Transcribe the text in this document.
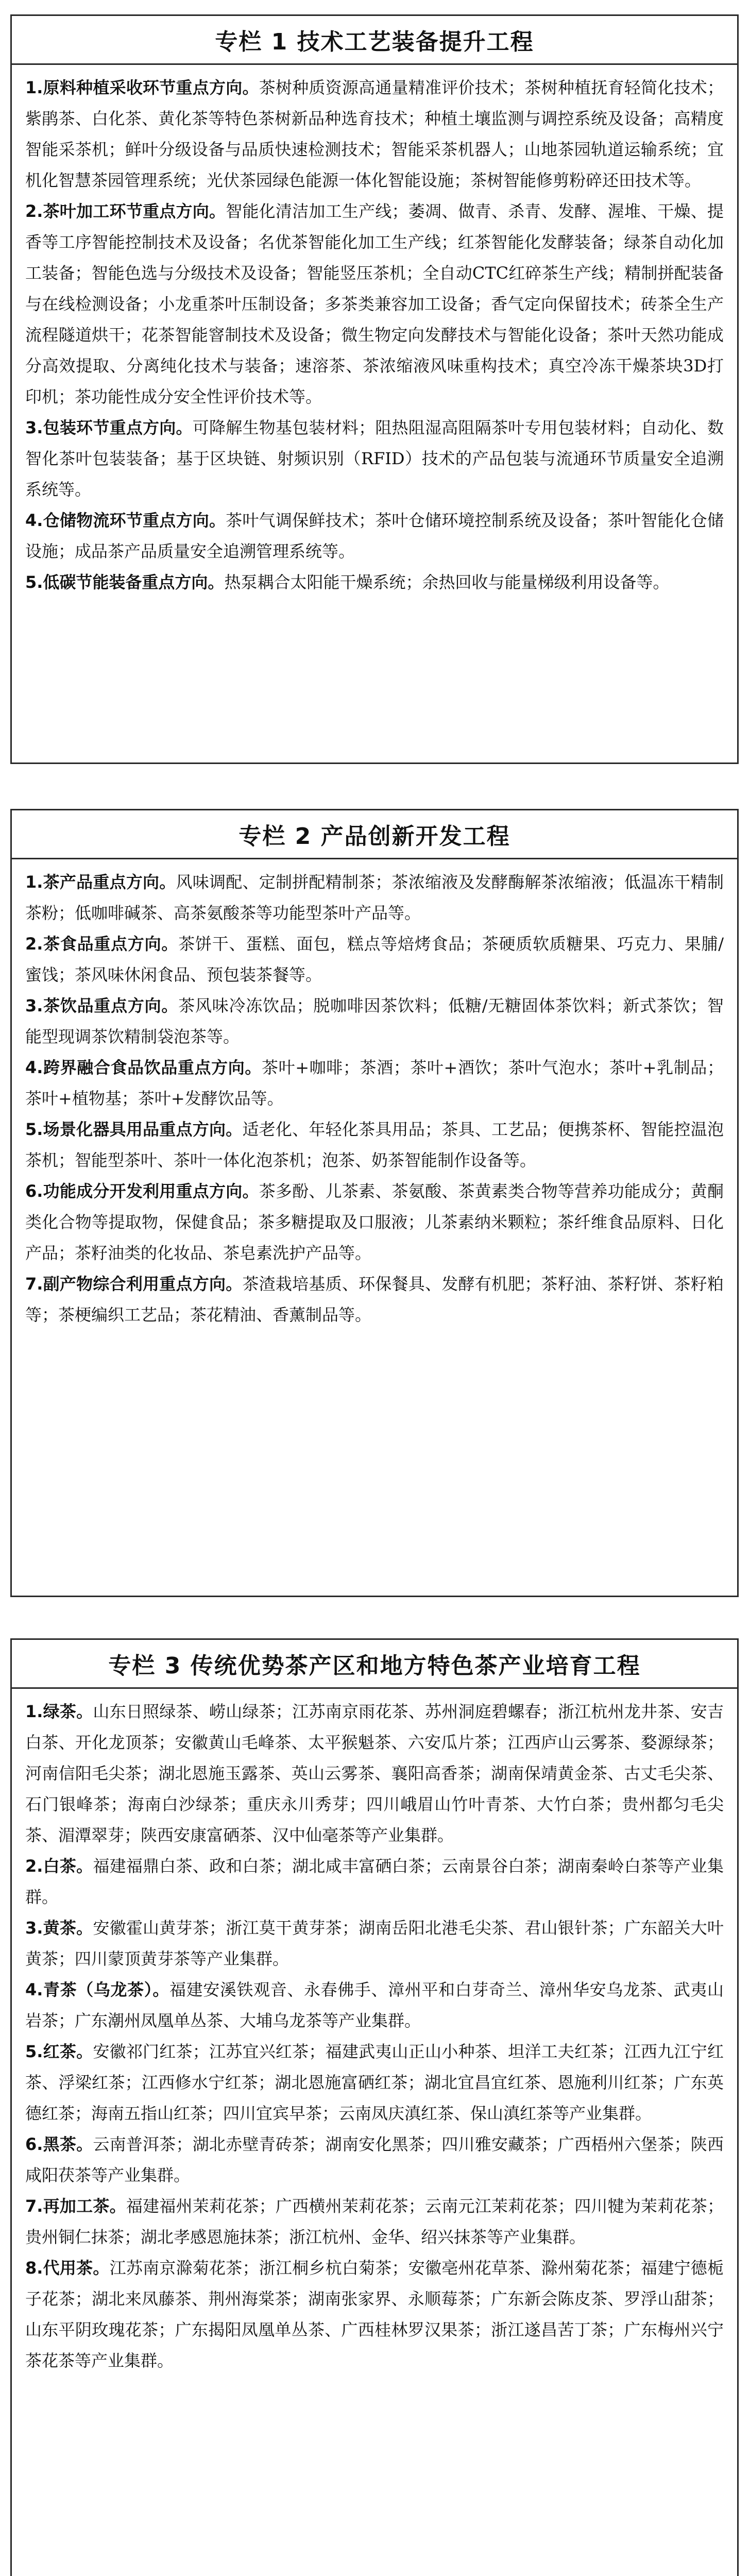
专栏 1 技术工艺装备提升工程

1.原料种植采收环节重点方向。茶树种质资源高通量精准评价技术；茶树种植抚育轻简化技术；紫鹃茶、白化茶、黄化茶等特色茶树新品种选育技术；种植土壤监测与调控系统及设备；高精度智能采茶机；鲜叶分级设备与品质快速检测技术；智能采茶机器人；山地茶园轨道运输系统；宜机化智慧茶园管理系统；光伏茶园绿色能源一体化智能设施；茶树智能修剪粉碎还田技术等。

2.茶叶加工环节重点方向。智能化清洁加工生产线；萎凋、做青、杀青、发酵、渥堆、干燥、提香等工序智能控制技术及设备；名优茶智能化加工生产线；红茶智能化发酵装备；绿茶自动化加工装备；智能色选与分级技术及设备；智能竖压茶机；全自动CTC红碎茶生产线；精制拼配装备与在线检测设备；小龙重茶叶压制设备；多茶类兼容加工设备；香气定向保留技术；砖茶全生产流程隧道烘干；花茶智能窨制技术及设备；微生物定向发酵技术与智能化设备；茶叶天然功能成分高效提取、分离纯化技术与装备；速溶茶、茶浓缩液风味重构技术；真空冷冻干燥茶块3D打印机；茶功能性成分安全性评价技术等。

3.包装环节重点方向。可降解生物基包装材料；阻热阻湿高阻隔茶叶专用包装材料；自动化、数智化茶叶包装装备；基于区块链、射频识别（RFID）技术的产品包装与流通环节质量安全追溯系统等。

4.仓储物流环节重点方向。茶叶气调保鲜技术；茶叶仓储环境控制系统及设备；茶叶智能化仓储设施；成品茶产品质量安全追溯管理系统等。

5.低碳节能装备重点方向。热泵耦合太阳能干燥系统；余热回收与能量梯级利用设备等。

专栏 2 产品创新开发工程

1.茶产品重点方向。风味调配、定制拼配精制茶；茶浓缩液及发酵酶解茶浓缩液；低温冻干精制茶粉；低咖啡碱茶、高茶氨酸茶等功能型茶叶产品等。

2.茶食品重点方向。茶饼干、蛋糕、面包，糕点等焙烤食品；茶硬质软质糖果、巧克力、果脯/蜜饯；茶风味休闲食品、预包装茶餐等。

3.茶饮品重点方向。茶风味冷冻饮品；脱咖啡因茶饮料；低糖/无糖固体茶饮料；新式茶饮；智能型现调茶饮精制袋泡茶等。

4.跨界融合食品饮品重点方向。茶叶+咖啡；茶酒；茶叶+酒饮；茶叶气泡水；茶叶+乳制品；茶叶+植物基；茶叶+发酵饮品等。

5.场景化器具用品重点方向。适老化、年轻化茶具用品；茶具、工艺品；便携茶杯、智能控温泡茶机；智能型茶叶、茶叶一体化泡茶机；泡茶、奶茶智能制作设备等。

6.功能成分开发利用重点方向。茶多酚、儿茶素、茶氨酸、茶黄素类合物等营养功能成分；黄酮类化合物等提取物，保健食品；茶多糖提取及口服液；儿茶素纳米颗粒；茶纤维食品原料、日化产品；茶籽油类的化妆品、茶皂素洗护产品等。

7.副产物综合利用重点方向。茶渣栽培基质、环保餐具、发酵有机肥；茶籽油、茶籽饼、茶籽粕等；茶梗编织工艺品；茶花精油、香薰制品等。

专栏 3 传统优势茶产区和地方特色茶产业培育工程

1.绿茶。山东日照绿茶、崂山绿茶；江苏南京雨花茶、苏州洞庭碧螺春；浙江杭州龙井茶、安吉白茶、开化龙顶茶；安徽黄山毛峰茶、太平猴魁茶、六安瓜片茶；江西庐山云雾茶、婺源绿茶；河南信阳毛尖茶；湖北恩施玉露茶、英山云雾茶、襄阳高香茶；湖南保靖黄金茶、古丈毛尖茶、石门银峰茶；海南白沙绿茶；重庆永川秀芽；四川峨眉山竹叶青茶、大竹白茶；贵州都匀毛尖茶、湄潭翠芽；陕西安康富硒茶、汉中仙毫茶等产业集群。

2.白茶。福建福鼎白茶、政和白茶；湖北咸丰富硒白茶；云南景谷白茶；湖南秦岭白茶等产业集群。

3.黄茶。安徽霍山黄芽茶；浙江莫干黄芽茶；湖南岳阳北港毛尖茶、君山银针茶；广东韶关大叶黄茶；四川蒙顶黄芽茶等产业集群。

4.青茶（乌龙茶）。福建安溪铁观音、永春佛手、漳州平和白芽奇兰、漳州华安乌龙茶、武夷山岩茶；广东潮州凤凰单丛茶、大埔乌龙茶等产业集群。

5.红茶。安徽祁门红茶；江苏宜兴红茶；福建武夷山正山小种茶、坦洋工夫红茶；江西九江宁红茶、浮梁红茶；江西修水宁红茶；湖北恩施富硒红茶；湖北宜昌宜红茶、恩施利川红茶；广东英德红茶；海南五指山红茶；四川宜宾早茶；云南凤庆滇红茶、保山滇红茶等产业集群。

6.黑茶。云南普洱茶；湖北赤壁青砖茶；湖南安化黑茶；四川雅安藏茶；广西梧州六堡茶；陕西咸阳茯茶等产业集群。

7.再加工茶。福建福州茉莉花茶；广西横州茉莉花茶；云南元江茉莉花茶；四川犍为茉莉花茶；贵州铜仁抹茶；湖北孝感恩施抹茶；浙江杭州、金华、绍兴抹茶等产业集群。

8.代用茶。江苏南京滁菊花茶；浙江桐乡杭白菊茶；安徽亳州花草茶、滁州菊花茶；福建宁德栀子花茶；湖北来凤藤茶、荆州海棠茶；湖南张家界、永顺莓茶；广东新会陈皮茶、罗浮山甜茶；山东平阴玫瑰花茶；广东揭阳凤凰单丛茶、广西桂林罗汉果茶；浙江遂昌苦丁茶；广东梅州兴宁茶花茶等产业集群。
